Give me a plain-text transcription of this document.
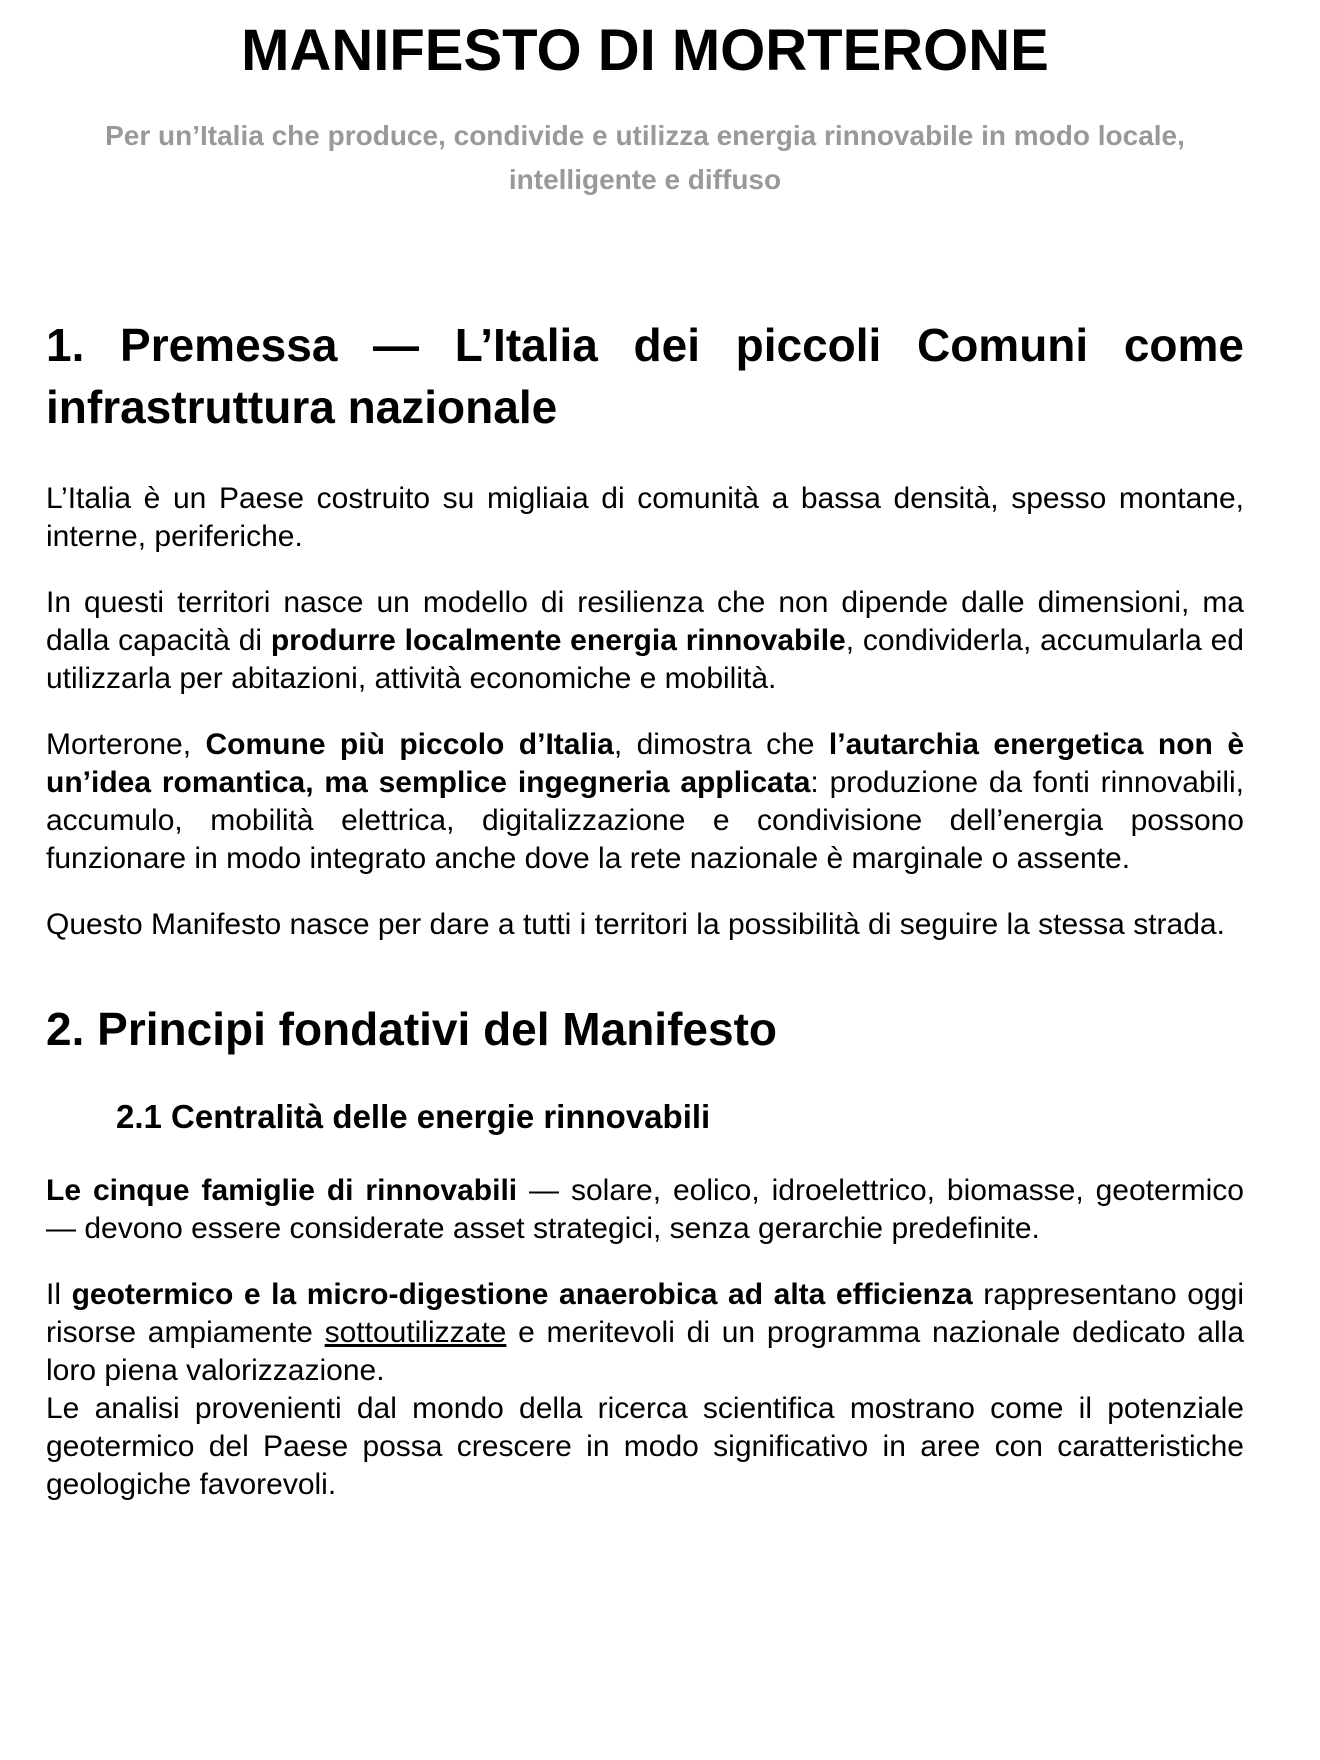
MANIFESTO DI MORTERONE

Per un’Italia che produce, condivide e utilizza energia rinnovabile in modo locale, intelligente e diffuso

1. Premessa — L’Italia dei piccoli Comuni come infrastruttura nazionale

L’Italia è un Paese costruito su migliaia di comunità a bassa densità, spesso montane, interne, periferiche.

In questi territori nasce un modello di resilienza che non dipende dalle dimensioni, ma dalla capacità di produrre localmente energia rinnovabile, condividerla, accumularla ed utilizzarla per abitazioni, attività economiche e mobilità.

Morterone, Comune più piccolo d’Italia, dimostra che l’autarchia energetica non è un’idea romantica, ma semplice ingegneria applicata: produzione da fonti rinnovabili, accumulo, mobilità elettrica, digitalizzazione e condivisione dell’energia possono funzionare in modo integrato anche dove la rete nazionale è marginale o assente.

Questo Manifesto nasce per dare a tutti i territori la possibilità di seguire la stessa strada.

2. Principi fondativi del Manifesto
2.1 Centralità delle energie rinnovabili

Le cinque famiglie di rinnovabili — solare, eolico, idroelettrico, biomasse, geotermico — devono essere considerate asset strategici, senza gerarchie predefinite.

Il geotermico e la micro-digestione anaerobica ad alta efficienza rappresentano oggi risorse ampiamente sottoutilizzate e meritevoli di un programma nazionale dedicato alla loro piena valorizzazione.
Le analisi provenienti dal mondo della ricerca scientifica mostrano come il potenziale geotermico del Paese possa crescere in modo significativo in aree con caratteristiche geologiche favorevoli.
